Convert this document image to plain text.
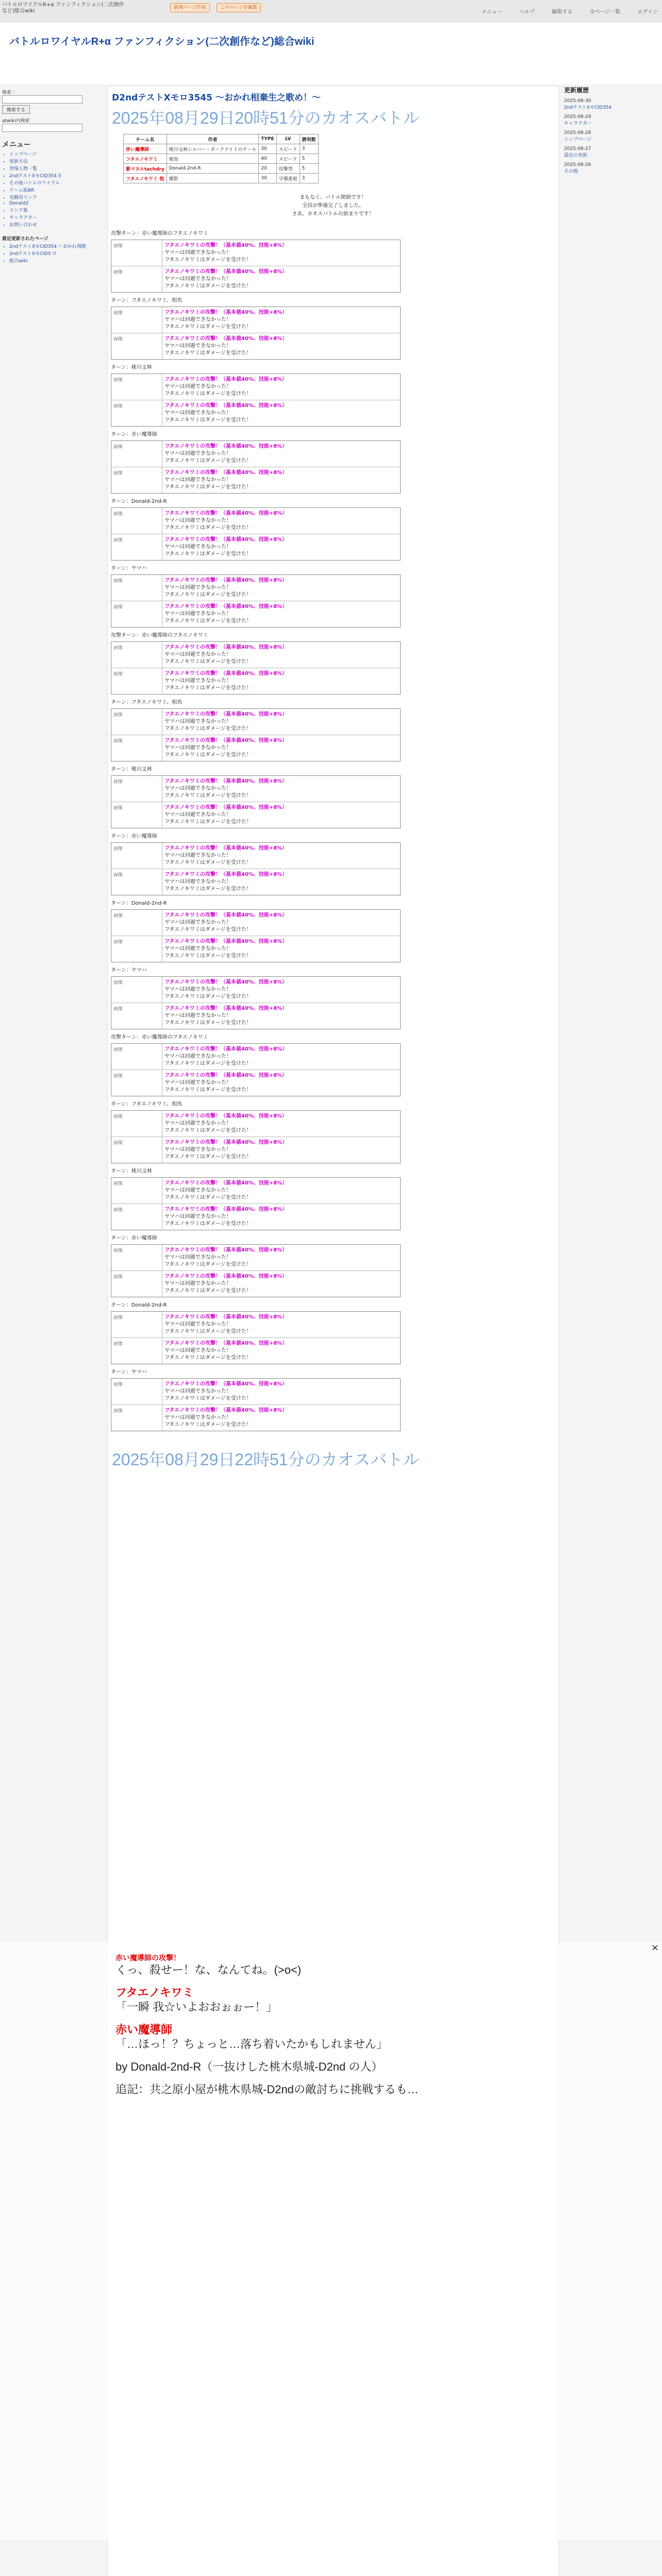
バトルロワイアルR+α ファンフィクション(二次創作など)総合wiki
新規ページ作成	このページを編集
メニュー	ヘルプ	編集する	全ページ一覧	ログイン
バトルロワイヤルR+α ファンフィクション(二次創作など)総合wiki
検索 :
検索する
atwiki内検索
メニュー
• トップページ
• 更新方法
• 登場人物一覧
• 2ndテストXモCID354 5
• その他バトルロワイアル
• ゲーム版BR
• 実験用リンク
• Donald2
• リンク集
• キャラクター
• お問い合わせ
最近更新されたページ
• 2ndテストXモCID354 ～おかれ飛散
• 2ndテストXモCID5 ロ
• 総合wiki
更新履歴
2025-08-30
2ndテストXモCID354
2025-08-29
キャラクター
2025-08-28
トップページ
2025-08-27
最近の更新
2025-08-26
その他
D2ndテストXモロ3545 ～おかれ相棄生之歌め！～
2025年08月29日20時51分のカオスバトル
チーム名	作者	TYPE	LV	勝利数
赤い魔導師	桃川文林シルバー・ダークナイトのテール	30	スピード	3
フタエノキワミ	相馬	40	スピード	5
紫マヌルtachdry	Donald-2nd-R	20	攻撃型	5
フタエノキワミ 他	曜影	30	守備重視	3
まもなく、バトル開始です！
全員が準備完了しました。
さあ、カオスバトルの始まりです！
攻撃ターン：赤い魔導師のフタエノキワミ
画像	フタエノキワミの攻撃！（基本値40%、技能+8%）
ヤマハは回避できなかった！
フタエノキワミはダメージを受けた！
画像	フタエノキワミの攻撃！（基本値40%、技能+8%）
ヤマハは回避できなかった！
フタエノキワミはダメージを受けた！
ターン：フタエノキワミ、相馬
画像	フタエノキワミの攻撃！（基本値40%、技能+8%）
ヤマハは回避できなかった！
フタエノキワミはダメージを受けた！
画像	フタエノキワミの攻撃！（基本値40%、技能+8%）
ヤマハは回避できなかった！
フタエノキワミはダメージを受けた！
ターン：桃川文林
画像	フタエノキワミの攻撃！（基本値40%、技能+8%）
ヤマハは回避できなかった！
フタエノキワミはダメージを受けた！
画像	フタエノキワミの攻撃！（基本値40%、技能+8%）
ヤマハは回避できなかった！
フタエノキワミはダメージを受けた！
ターン：赤い魔導師
画像	フタエノキワミの攻撃！（基本値40%、技能+8%）
ヤマハは回避できなかった！
フタエノキワミはダメージを受けた！
画像	フタエノキワミの攻撃！（基本値40%、技能+8%）
ヤマハは回避できなかった！
フタエノキワミはダメージを受けた！
ターン：Donald-2nd-R
画像	フタエノキワミの攻撃！（基本値40%、技能+8%）
ヤマハは回避できなかった！
フタエノキワミはダメージを受けた！
画像	フタエノキワミの攻撃！（基本値40%、技能+8%）
ヤマハは回避できなかった！
フタエノキワミはダメージを受けた！
ターン：ヤマハ
画像	フタエノキワミの攻撃！（基本値40%、技能+8%）
ヤマハは回避できなかった！
フタエノキワミはダメージを受けた！
画像	フタエノキワミの攻撃！（基本値40%、技能+8%）
ヤマハは回避できなかった！
フタエノキワミはダメージを受けた！
攻撃ターン：赤い魔導師のフタエノキワミ
画像	フタエノキワミの攻撃！（基本値40%、技能+8%）
ヤマハは回避できなかった！
フタエノキワミはダメージを受けた！
画像	フタエノキワミの攻撃！（基本値40%、技能+8%）
ヤマハは回避できなかった！
フタエノキワミはダメージを受けた！
ターン：フタエノキワミ、相馬
画像	フタエノキワミの攻撃！（基本値40%、技能+8%）
ヤマハは回避できなかった！
フタエノキワミはダメージを受けた！
画像	フタエノキワミの攻撃！（基本値40%、技能+8%）
ヤマハは回避できなかった！
フタエノキワミはダメージを受けた！
ターン：桃川文林
画像	フタエノキワミの攻撃！（基本値40%、技能+8%）
ヤマハは回避できなかった！
フタエノキワミはダメージを受けた！
画像	フタエノキワミの攻撃！（基本値40%、技能+8%）
ヤマハは回避できなかった！
フタエノキワミはダメージを受けた！
ターン：赤い魔導師
画像	フタエノキワミの攻撃！（基本値40%、技能+8%）
ヤマハは回避できなかった！
フタエノキワミはダメージを受けた！
画像	フタエノキワミの攻撃！（基本値40%、技能+8%）
ヤマハは回避できなかった！
フタエノキワミはダメージを受けた！
ターン：Donald-2nd-R
画像	フタエノキワミの攻撃！（基本値40%、技能+8%）
ヤマハは回避できなかった！
フタエノキワミはダメージを受けた！
画像	フタエノキワミの攻撃！（基本値40%、技能+8%）
ヤマハは回避できなかった！
フタエノキワミはダメージを受けた！
ターン：ヤマハ
画像	フタエノキワミの攻撃！（基本値40%、技能+8%）
ヤマハは回避できなかった！
フタエノキワミはダメージを受けた！
画像	フタエノキワミの攻撃！（基本値40%、技能+8%）
ヤマハは回避できなかった！
フタエノキワミはダメージを受けた！
攻撃ターン：赤い魔導師のフタエノキワミ
画像	フタエノキワミの攻撃！（基本値40%、技能+8%）
ヤマハは回避できなかった！
フタエノキワミはダメージを受けた！
画像	フタエノキワミの攻撃！（基本値40%、技能+8%）
ヤマハは回避できなかった！
フタエノキワミはダメージを受けた！
ターン：フタエノキワミ、相馬
画像	フタエノキワミの攻撃！（基本値40%、技能+8%）
ヤマハは回避できなかった！
フタエノキワミはダメージを受けた！
画像	フタエノキワミの攻撃！（基本値40%、技能+8%）
ヤマハは回避できなかった！
フタエノキワミはダメージを受けた！
ターン：桃川文林
画像	フタエノキワミの攻撃！（基本値40%、技能+8%）
ヤマハは回避できなかった！
フタエノキワミはダメージを受けた！
画像	フタエノキワミの攻撃！（基本値40%、技能+8%）
ヤマハは回避できなかった！
フタエノキワミはダメージを受けた！
ターン：赤い魔導師
画像	フタエノキワミの攻撃！（基本値40%、技能+8%）
ヤマハは回避できなかった！
フタエノキワミはダメージを受けた！
画像	フタエノキワミの攻撃！（基本値40%、技能+8%）
ヤマハは回避できなかった！
フタエノキワミはダメージを受けた！
ターン：Donald-2nd-R
画像	フタエノキワミの攻撃！（基本値40%、技能+8%）
ヤマハは回避できなかった！
フタエノキワミはダメージを受けた！
画像	フタエノキワミの攻撃！（基本値40%、技能+8%）
ヤマハは回避できなかった！
フタエノキワミはダメージを受けた！
ターン：ヤマハ
画像	フタエノキワミの攻撃！（基本値40%、技能+8%）
ヤマハは回避できなかった！
フタエノキワミはダメージを受けた！
画像	フタエノキワミの攻撃！（基本値40%、技能+8%）
ヤマハは回避できなかった！
フタエノキワミはダメージを受けた！
2025年08月29日22時51分のカオスバトル
×
赤い魔導師の攻撃！
くっ、殺せー！な、なんてね。(>o<)
フタエノキワミ
「一瞬 我☆いよおおぉぉー！」
赤い魔導師
「…ほっ！？ちょっと…落ち着いたかもしれません」
by Donald-2nd-R（一抜けした桃木県城-D2nd の人）
追記：共之原小屋が桃木県城-D2ndの敵討ちに挑戦するも…
